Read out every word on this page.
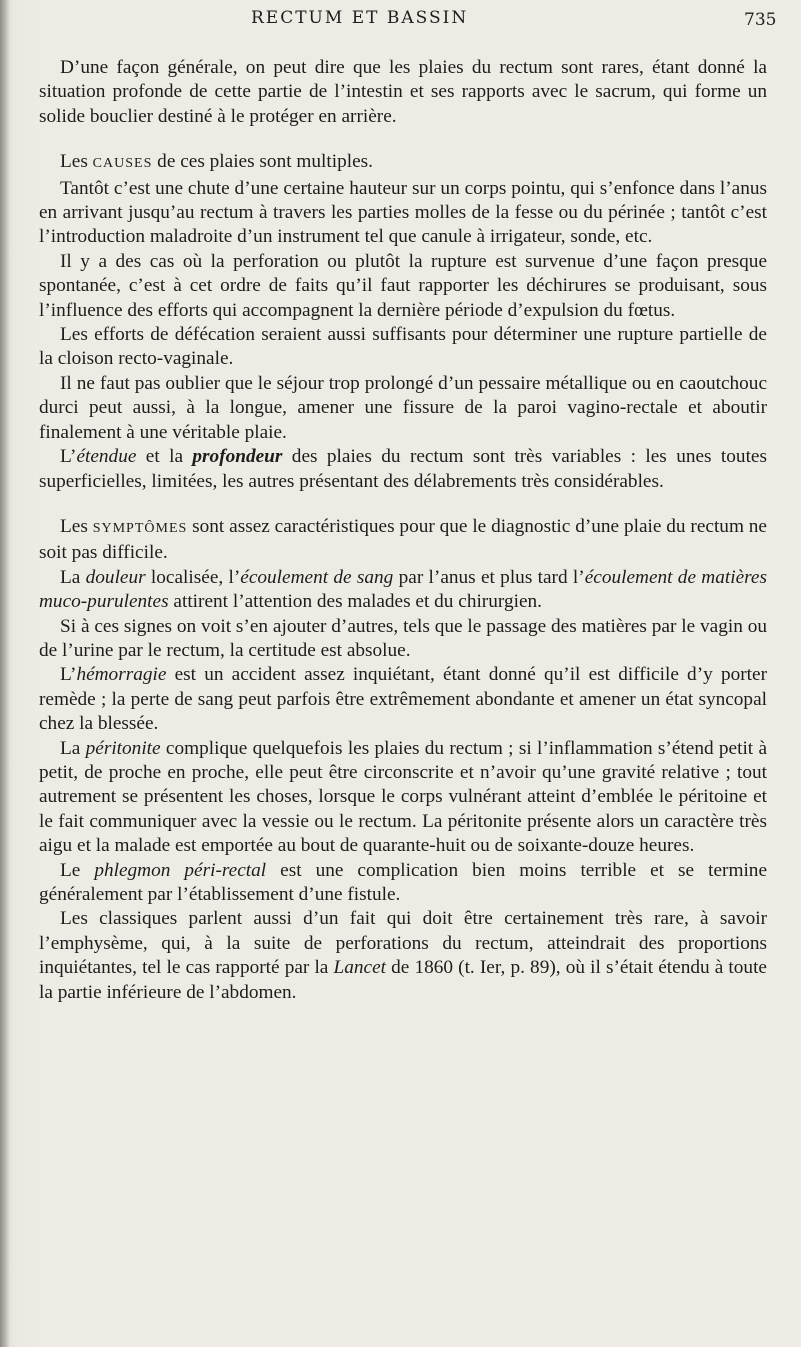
RECTUM ET BASSIN	735

D’une façon générale, on peut dire que les plaies du rectum sont rares, étant donné la situation profonde de cette partie de l’intestin et ses rapports avec le sacrum, qui forme un solide bouclier destiné à le protéger en arrière.

Les CAUSES de ces plaies sont multiples.

Tantôt c’est une chute d’une certaine hauteur sur un corps pointu, qui s’enfonce dans l’anus en arrivant jusqu’au rectum à travers les parties molles de la fesse ou du périnée ; tantôt c’est l’introduction maladroite d’un instrument tel que canule à irrigateur, sonde, etc.

Il y a des cas où la perforation ou plutôt la rupture est survenue d’une façon presque spontanée, c’est à cet ordre de faits qu’il faut rapporter les déchirures se produisant, sous l’influence des efforts qui accompagnent la dernière période d’expulsion du fœtus.

Les efforts de défécation seraient aussi suffisants pour déterminer une rupture partielle de la cloison recto-vaginale.

Il ne faut pas oublier que le séjour trop prolongé d’un pessaire métallique ou en caoutchouc durci peut aussi, à la longue, amener une fissure de la paroi vagino-rectale et aboutir finalement à une véritable plaie.

L’étendue et la profondeur des plaies du rectum sont très variables : les unes toutes superficielles, limitées, les autres présentant des délabrements très considérables.

Les SYMPTÔMES sont assez caractéristiques pour que le diagnostic d’une plaie du rectum ne soit pas difficile.

La douleur localisée, l’écoulement de sang par l’anus et plus tard l’écoulement de matières muco-purulentes attirent l’attention des malades et du chirurgien.

Si à ces signes on voit s’en ajouter d’autres, tels que le passage des matières par le vagin ou de l’urine par le rectum, la certitude est absolue.

L’hémorragie est un accident assez inquiétant, étant donné qu’il est difficile d’y porter remède ; la perte de sang peut parfois être extrêmement abondante et amener un état syncopal chez la blessée.

La péritonite complique quelquefois les plaies du rectum ; si l’inflammation s’étend petit à petit, de proche en proche, elle peut être circonscrite et n’avoir qu’une gravité relative ; tout autrement se présentent les choses, lorsque le corps vulnérant atteint d’emblée le péritoine et le fait communiquer avec la vessie ou le rectum. La péritonite présente alors un caractère très aigu et la malade est emportée au bout de quarante-huit ou de soixante-douze heures.

Le phlegmon péri-rectal est une complication bien moins terrible et se termine généralement par l’établissement d’une fistule.

Les classiques parlent aussi d’un fait qui doit être certainement très rare, à savoir l’emphysème, qui, à la suite de perforations du rectum, atteindrait des proportions inquiétantes, tel le cas rapporté par la Lancet de 1860 (t. Ier, p. 89), où il s’était étendu à toute la partie inférieure de l’abdomen.
